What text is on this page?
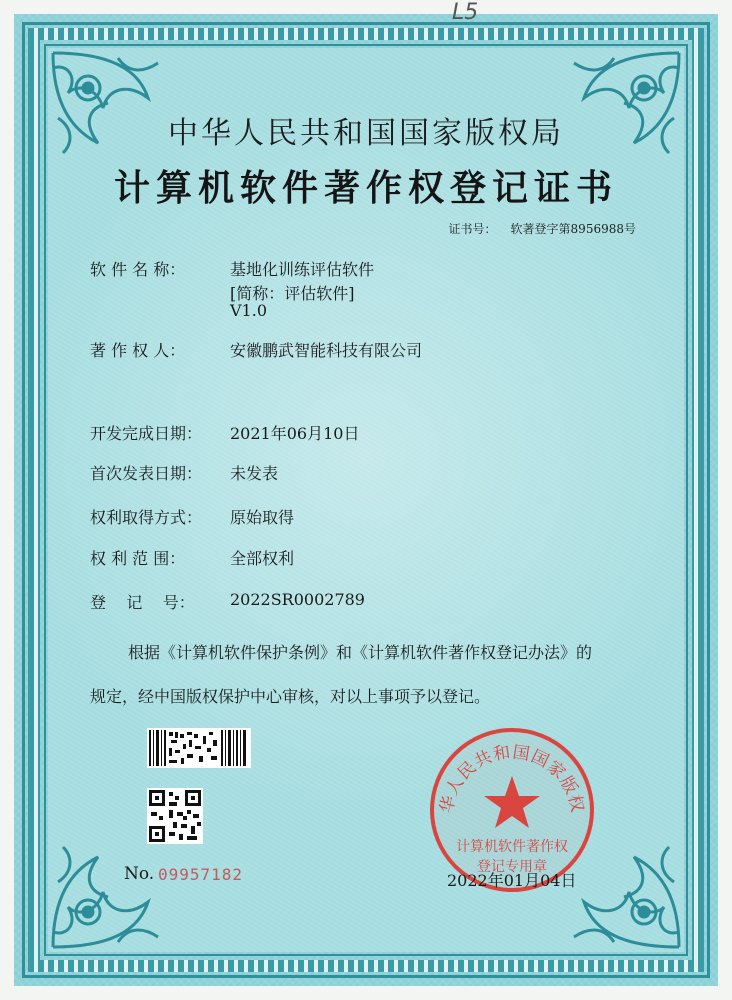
L5
中华人民共和国国家版权局
计算机软件著作权登记证书
证书号： 软著登字第8956988号
软 件 名 称：	基地化训练评估软件
[简称：评估软件]
V1.0
著 作 权 人：	安徽鹏武智能科技有限公司
开发完成日期： 2021年06月10日
首次发表日期： 未发表
权利取得方式： 原始取得
权 利 范 围：	全部权利
登    记    号： 2022SR0002789
根据《计算机软件保护条例》和《计算机软件著作权登记办法》的
规定，经中国版权保护中心审核，对以上事项予以登记。
No. 09957182
华人民共和国国家版权
计算机软件著作权
登记专用章
2022年01月04日
